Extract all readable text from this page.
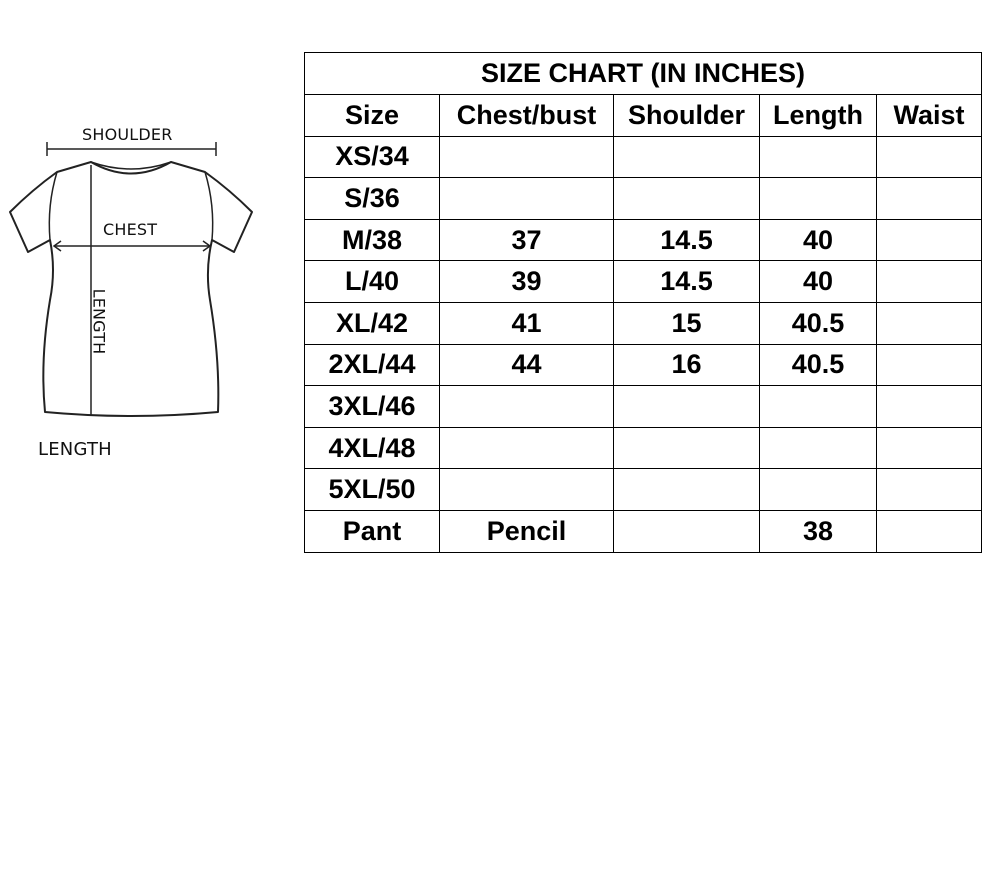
SHOULDER
CHEST
LENGTH
LENGTH
SIZE CHART (IN INCHES)				
Size	Chest/bust	Shoulder	Length	Waist
XS/34				
S/36				
M/38	37	14.5	40	
L/40	39	14.5	40	
XL/42	41	15	40.5	
2XL/44	44	16	40.5	
3XL/46				
4XL/48				
5XL/50				
Pant	Pencil		38	
